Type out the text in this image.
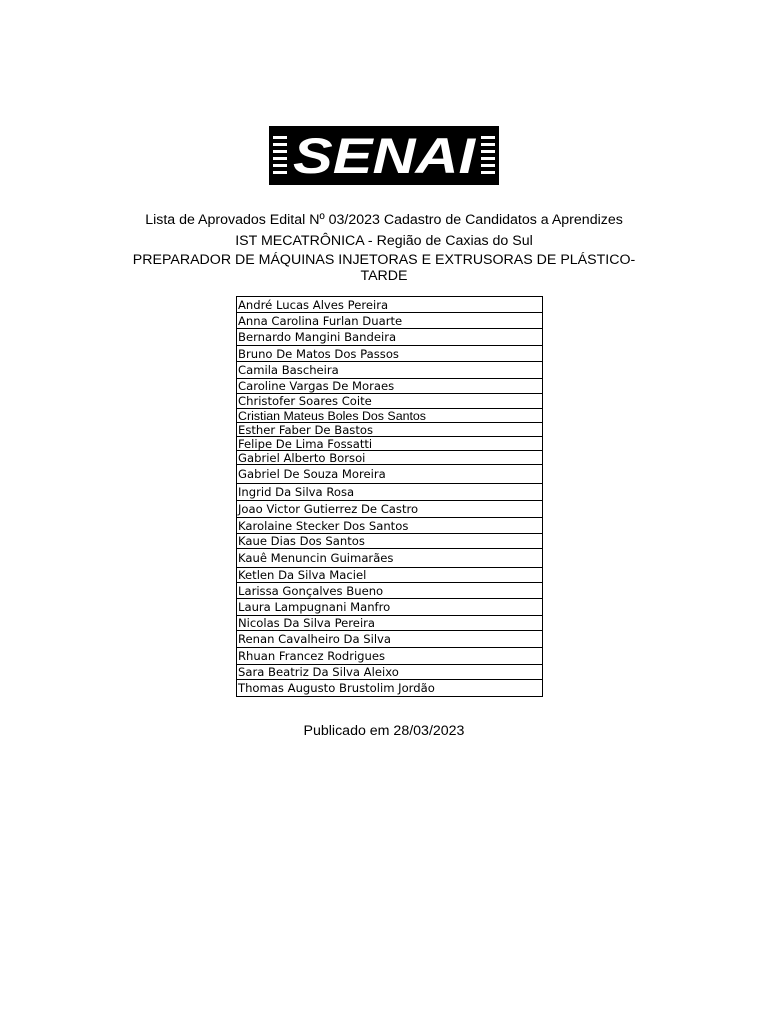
SENAI
Lista de Aprovados Edital Nº 03/2023 Cadastro de Candidatos a Aprendizes
IST MECATRÔNICA - Região de Caxias do Sul
PREPARADOR DE MÁQUINAS INJETORAS E EXTRUSORAS DE PLÁSTICO-
TARDE
André Lucas Alves Pereira
Anna Carolina Furlan Duarte
Bernardo Mangini Bandeira
Bruno De Matos Dos Passos
Camila Bascheira
Caroline Vargas De Moraes
Christofer Soares Coite
Cristian Mateus Boles Dos Santos
Esther Faber De Bastos
Felipe De Lima Fossatti
Gabriel Alberto Borsoi
Gabriel De Souza Moreira
Ingrid Da Silva Rosa
Joao Victor Gutierrez De Castro
Karolaine Stecker Dos Santos
Kaue Dias Dos Santos
Kauê Menuncin Guimarães
Ketlen Da Silva Maciel
Larissa Gonçalves Bueno
Laura Lampugnani Manfro
Nicolas Da Silva Pereira
Renan Cavalheiro Da Silva
Rhuan Francez Rodrigues
Sara Beatriz Da Silva Aleixo
Thomas Augusto Brustolim Jordão
Publicado em 28/03/2023
